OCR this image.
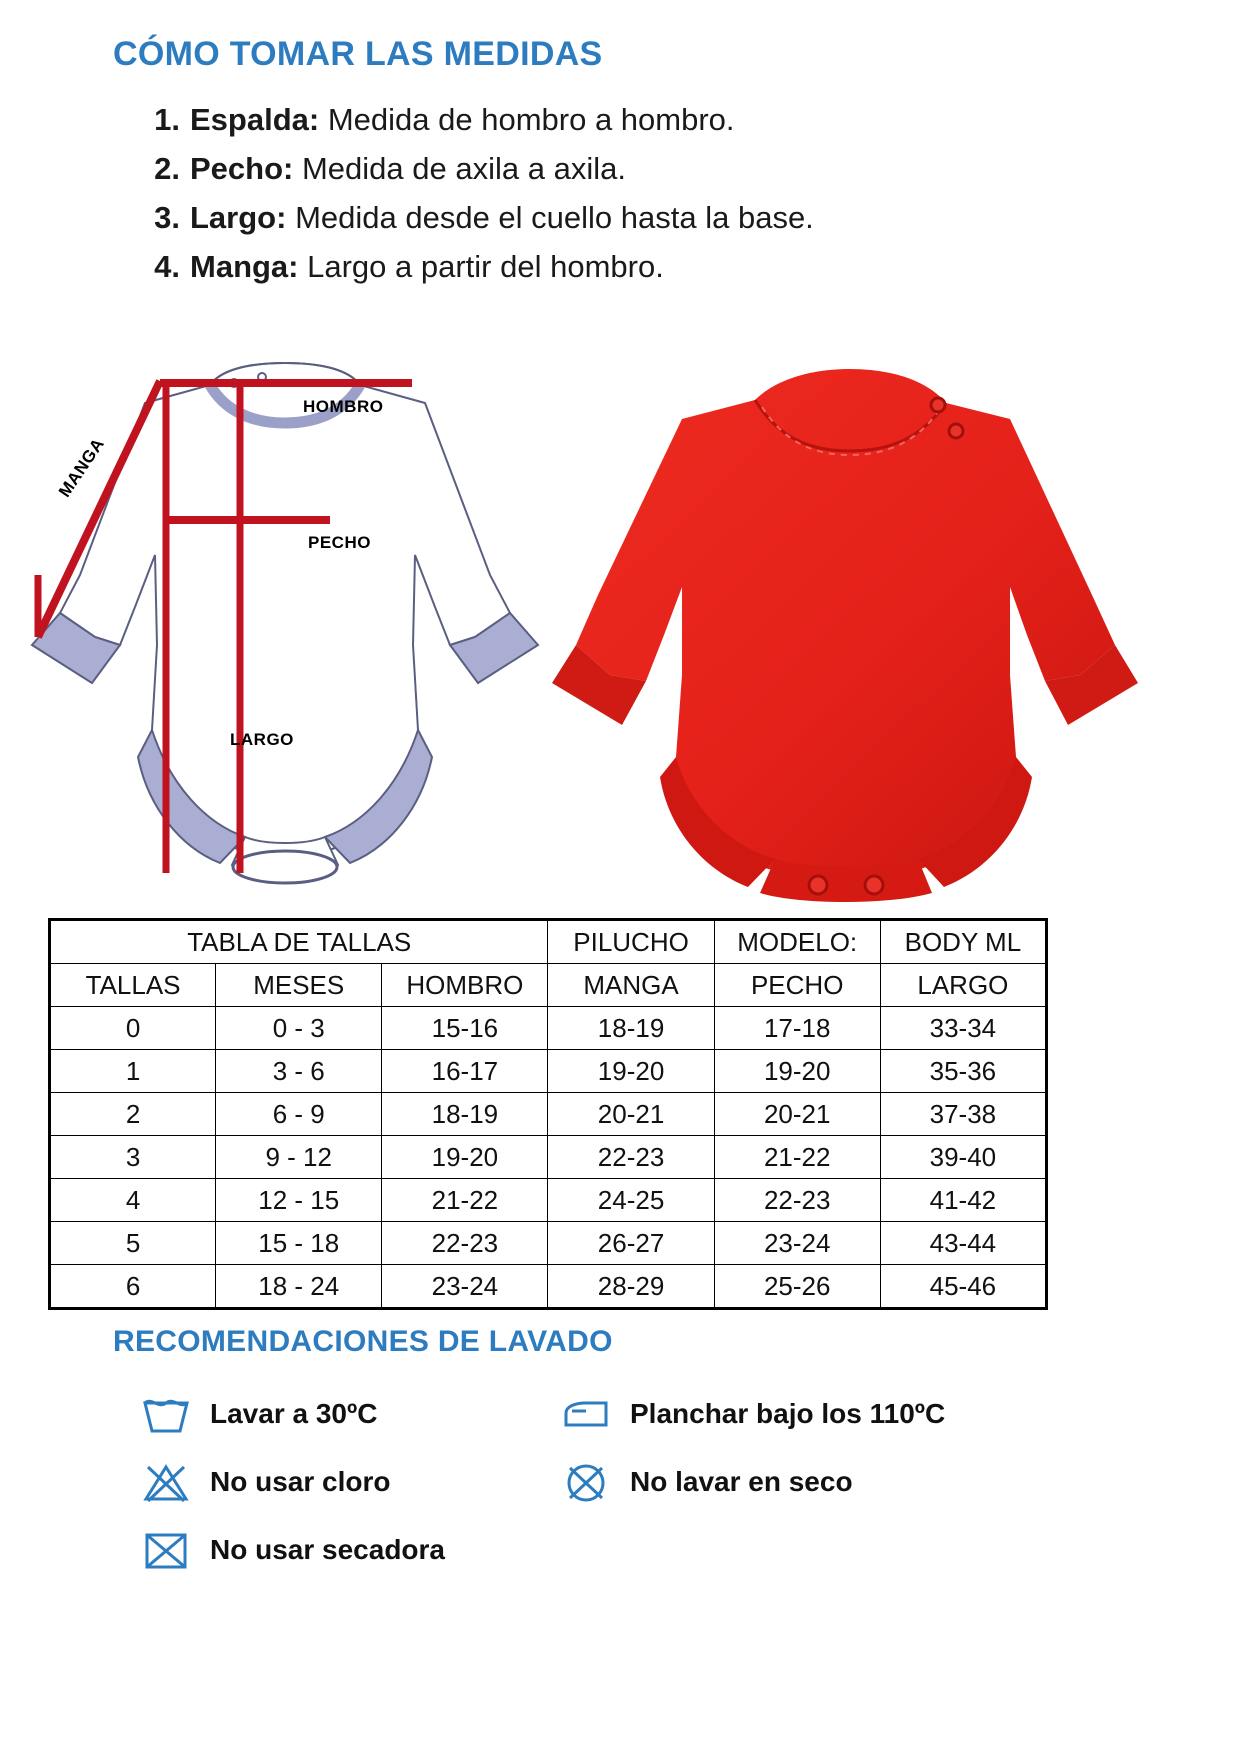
CÓMO TOMAR LAS MEDIDAS
1. Espalda: Medida de hombro a hombro.
2. Pecho: Medida de axila a axila.
3. Largo: Medida desde el cuello hasta la base.
4. Manga: Largo a partir del hombro.
HOMBRO
PECHO
LARGO
MANGA
TABLA DE TALLAS			PILUCHO	MODELO:	BODY ML
TALLAS	MESES	HOMBRO	MANGA	PECHO	LARGO
0	0 - 3	15-16	18-19	17-18	33-34
1	3 - 6	16-17	19-20	19-20	35-36
2	6 - 9	18-19	20-21	20-21	37-38
3	9 - 12	19-20	22-23	21-22	39-40
4	12 - 15	21-22	24-25	22-23	41-42
5	15 - 18	22-23	26-27	23-24	43-44
6	18 - 24	23-24	28-29	25-26	45-46
RECOMENDACIONES DE LAVADO
Lavar a 30ºC	Planchar bajo los 110ºC
No usar cloro	No lavar en seco
No usar secadora
